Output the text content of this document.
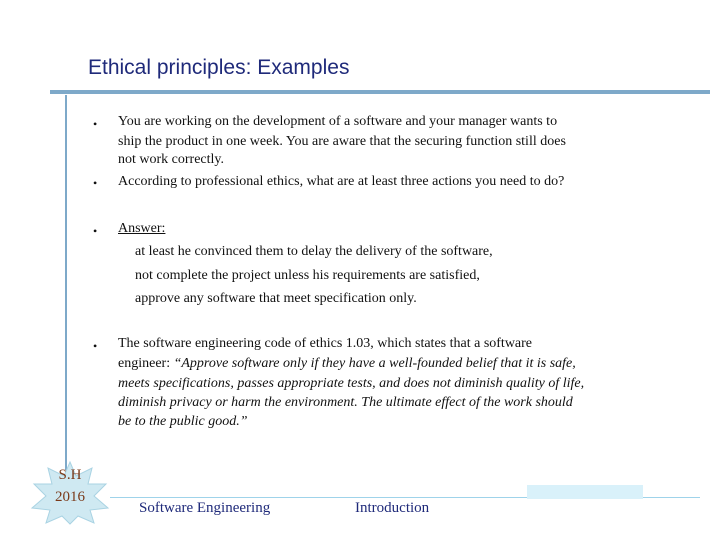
Ethical principles: Examples
• You are working on the development of a software and your manager wants to
ship the product in one week. You are aware that the securing function still does
not work correctly.
• According to professional ethics, what are at least three actions you need to do?
• Answer:
at least he convinced them to delay the delivery of the software,
not complete the project unless his requirements are satisfied,
approve any software that meet specification only.
• The software engineering code of ethics 1.03, which states that a software
engineer: “Approve software only if they have a well-founded belief that it is safe,
meets specifications, passes appropriate tests, and does not diminish quality of life,
diminish privacy or harm the environment. The ultimate effect of the work should
be to the public good.”
S.H
2016
Software Engineering	Introduction
